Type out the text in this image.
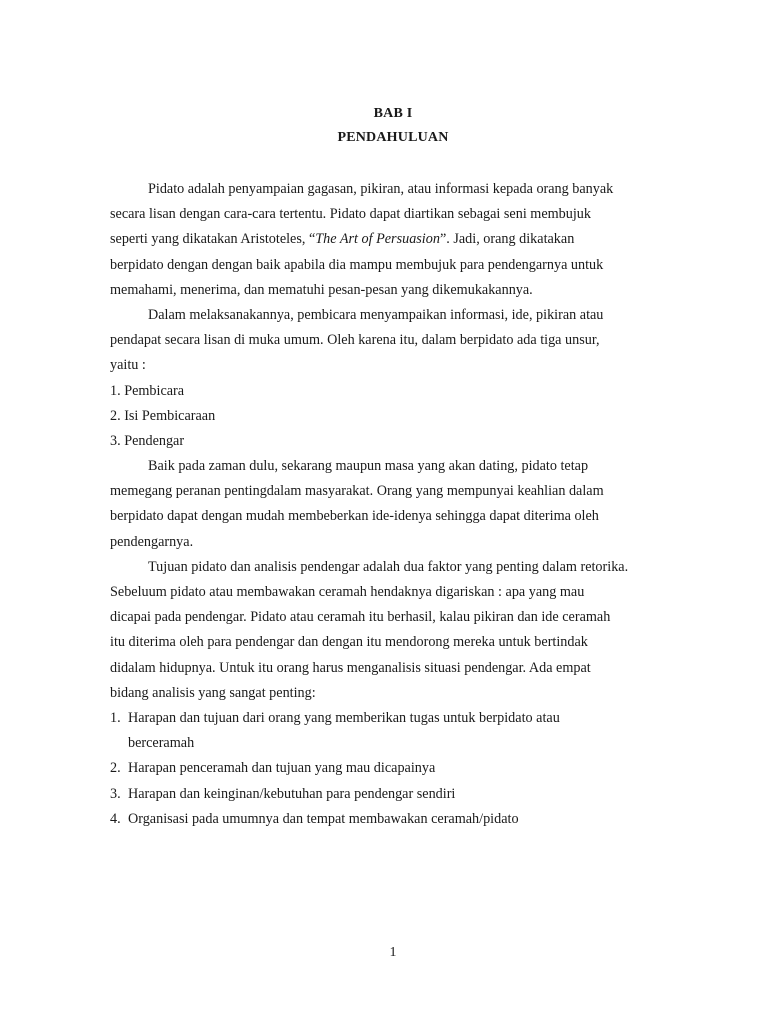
BAB I
PENDAHULUAN
Pidato adalah penyampaian gagasan, pikiran, atau informasi kepada orang banyak
secara lisan dengan cara-cara tertentu. Pidato dapat diartikan sebagai seni membujuk
seperti yang dikatakan Aristoteles, “The Art of Persuasion”. Jadi, orang dikatakan
berpidato dengan dengan baik apabila dia mampu membujuk para pendengarnya untuk
memahami, menerima, dan mematuhi pesan-pesan yang dikemukakannya.
Dalam melaksanakannya, pembicara menyampaikan informasi, ide, pikiran atau
pendapat secara lisan di muka umum. Oleh karena itu, dalam berpidato ada tiga unsur,
yaitu :
1. Pembicara
2. Isi Pembicaraan
3. Pendengar
Baik pada zaman dulu, sekarang maupun masa yang akan dating, pidato tetap
memegang peranan pentingdalam masyarakat. Orang yang mempunyai keahlian dalam
berpidato dapat dengan mudah membeberkan ide-idenya sehingga dapat diterima oleh
pendengarnya.
Tujuan pidato dan analisis pendengar adalah dua faktor yang penting dalam retorika.
Sebeluum pidato atau membawakan ceramah hendaknya digariskan : apa yang mau
dicapai pada pendengar. Pidato atau ceramah itu berhasil, kalau pikiran dan ide ceramah
itu diterima oleh para pendengar dan dengan itu mendorong mereka untuk bertindak
didalam hidupnya. Untuk itu orang harus menganalisis situasi pendengar. Ada empat
bidang analisis yang sangat penting:
1. Harapan dan tujuan dari orang yang memberikan tugas untuk berpidato atau
berceramah
2. Harapan penceramah dan tujuan yang mau dicapainya
3. Harapan dan keinginan/kebutuhan para pendengar sendiri
4. Organisasi pada umumnya dan tempat membawakan ceramah/pidato
1
